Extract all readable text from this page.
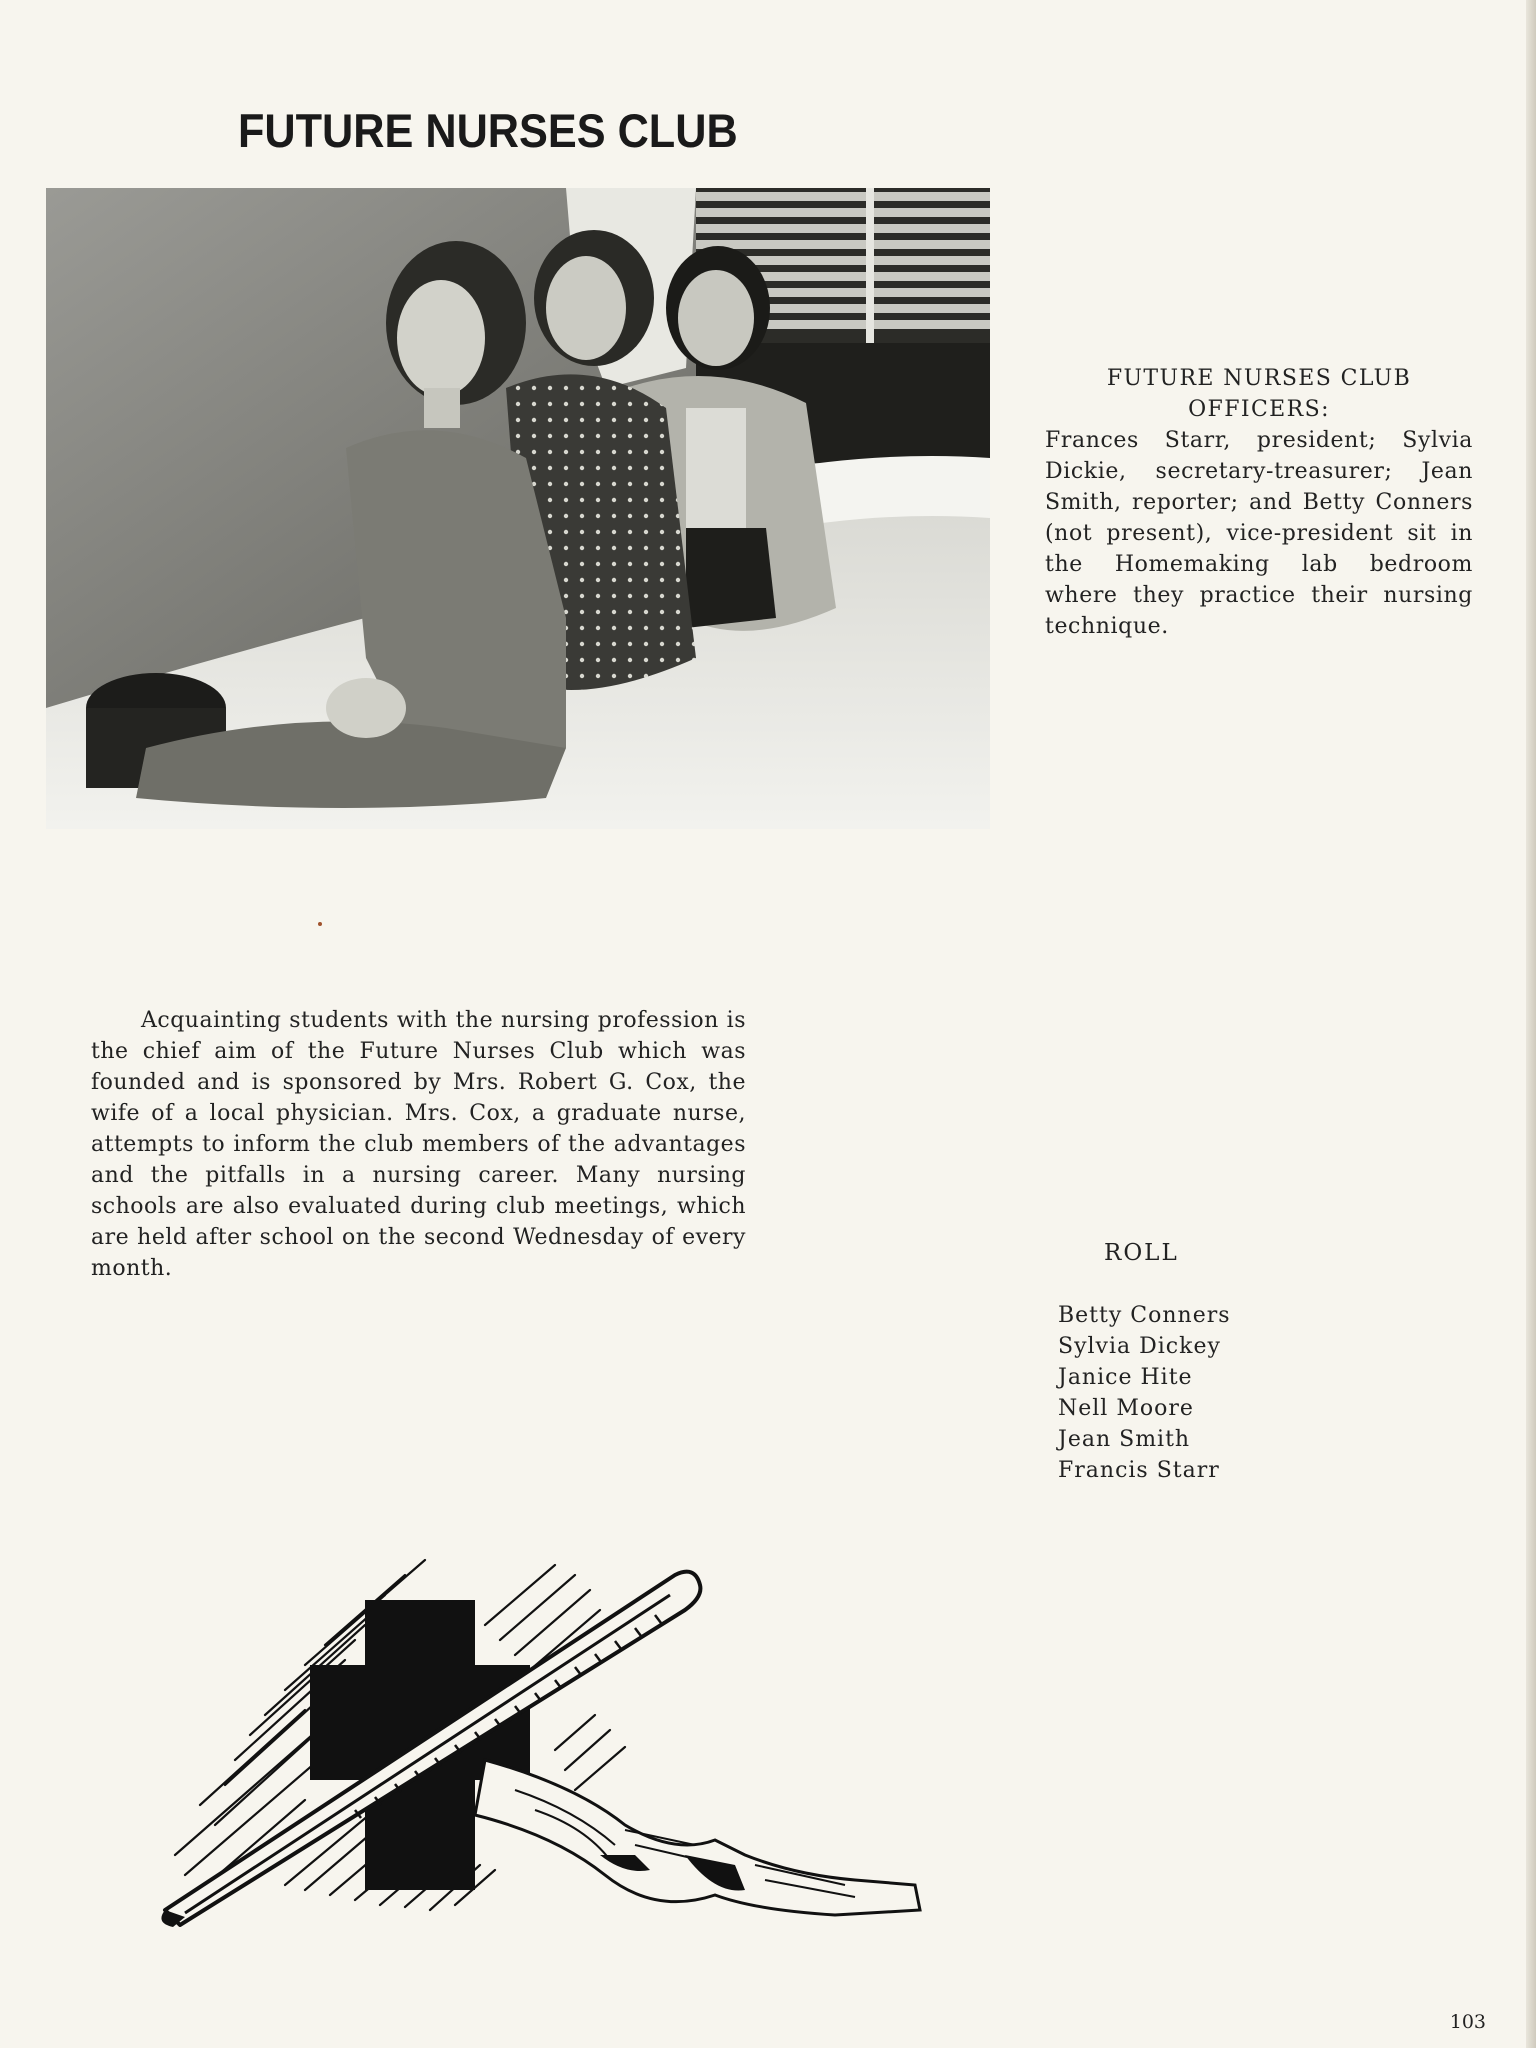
FUTURE NURSES CLUB
FUTURE NURSES CLUB
OFFICERS:
Frances Starr, president; Sylvia Dickie, secretary-treasurer; Jean Smith, reporter; and Betty Conners (not present), vice-president sit in the Homemaking lab bedroom where they practice their nursing technique.

Acquainting students with the nursing profession is the chief aim of the Future Nurses Club which was founded and is sponsored by Mrs. Robert G. Cox, the wife of a local physician. Mrs. Cox, a graduate nurse, attempts to inform the club members of the advantages and the pitfalls in a nursing career. Many nursing schools are also evaluated during club meetings, which are held after school on the second Wednesday of every month.

ROLL
Betty Conners
Sylvia Dickey
Janice Hite
Nell Moore
Jean Smith
Francis Starr
103
